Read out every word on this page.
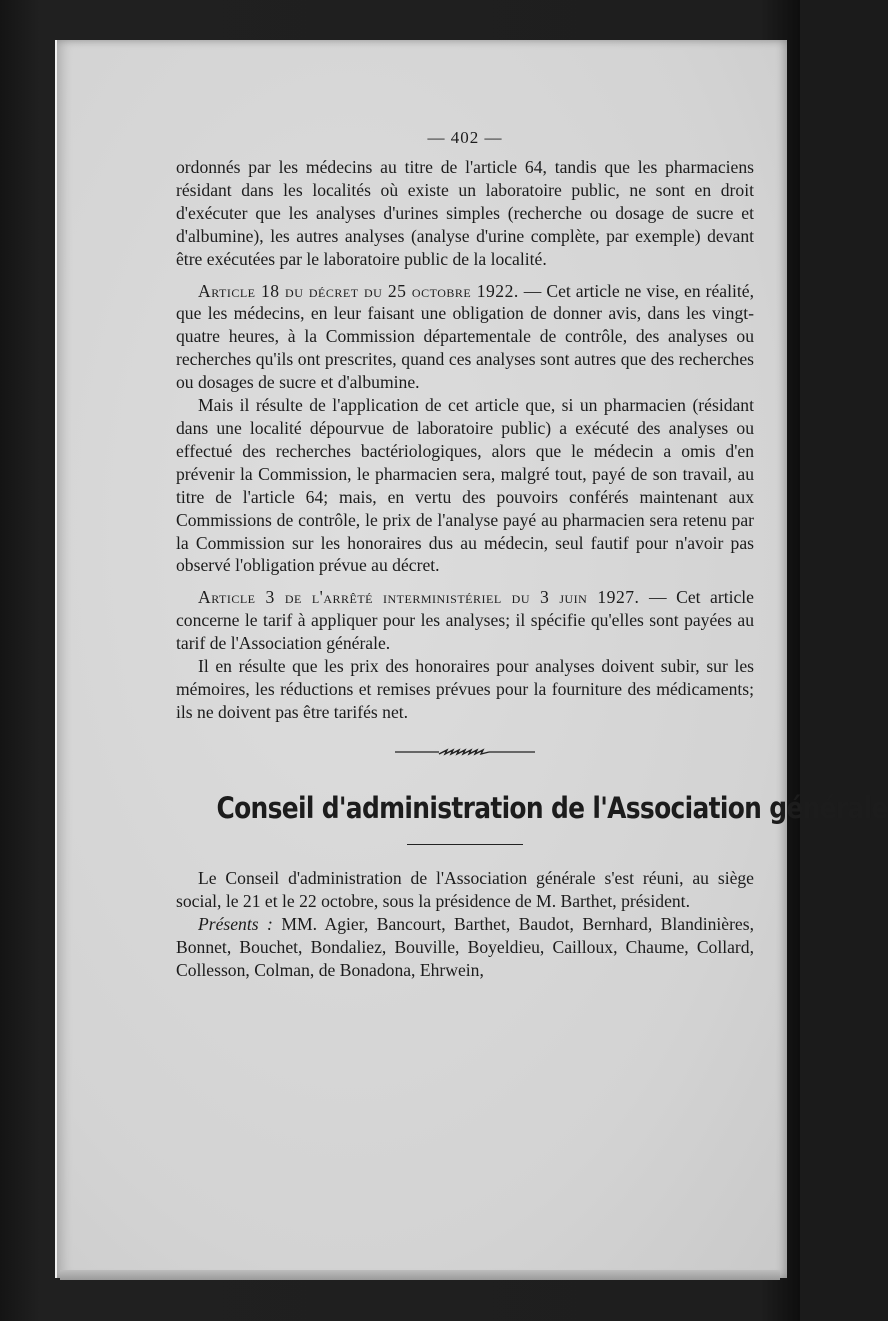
— 402 —

ordonnés par les médecins au titre de l'article 64, tandis que les pharmaciens résidant dans les localités où existe un laboratoire public, ne sont en droit d'exécuter que les analyses d'urines simples (recherche ou dosage de sucre et d'albumine), les autres analyses (analyse d'urine complète, par exemple) devant être exécutées par le laboratoire public de la localité.

Article 18 du décret du 25 octobre 1922. — Cet article ne vise, en réalité, que les médecins, en leur faisant une obligation de donner avis, dans les vingt-quatre heures, à la Commission départementale de contrôle, des analyses ou recherches qu'ils ont prescrites, quand ces analyses sont autres que des recherches ou dosages de sucre et d'albumine.

Mais il résulte de l'application de cet article que, si un pharmacien (résidant dans une localité dépourvue de laboratoire public) a exécuté des analyses ou effectué des recherches bactériologiques, alors que le médecin a omis d'en prévenir la Commission, le pharmacien sera, malgré tout, payé de son travail, au titre de l'article 64; mais, en vertu des pouvoirs conférés maintenant aux Commissions de contrôle, le prix de l'analyse payé au pharmacien sera retenu par la Commission sur les honoraires dus au médecin, seul fautif pour n'avoir pas observé l'obligation prévue au décret.

Article 3 de l'arrêté interministériel du 3 juin 1927. — Cet article concerne le tarif à appliquer pour les analyses; il spécifie qu'elles sont payées au tarif de l'Association générale.

Il en résulte que les prix des honoraires pour analyses doivent subir, sur les mémoires, les réductions et remises prévues pour la fourniture des médicaments; ils ne doivent pas être tarifés net.

Conseil d'administration de l'Association générale

Le Conseil d'administration de l'Association générale s'est réuni, au siège social, le 21 et le 22 octobre, sous la présidence de M. Barthet, président.

Présents : MM. Agier, Bancourt, Barthet, Baudot, Bernhard, Blandinières, Bonnet, Bouchet, Bondaliez, Bouville, Boyeldieu, Cailloux, Chaume, Collard, Collesson, Colman, de Bonadona, Ehrwein,
